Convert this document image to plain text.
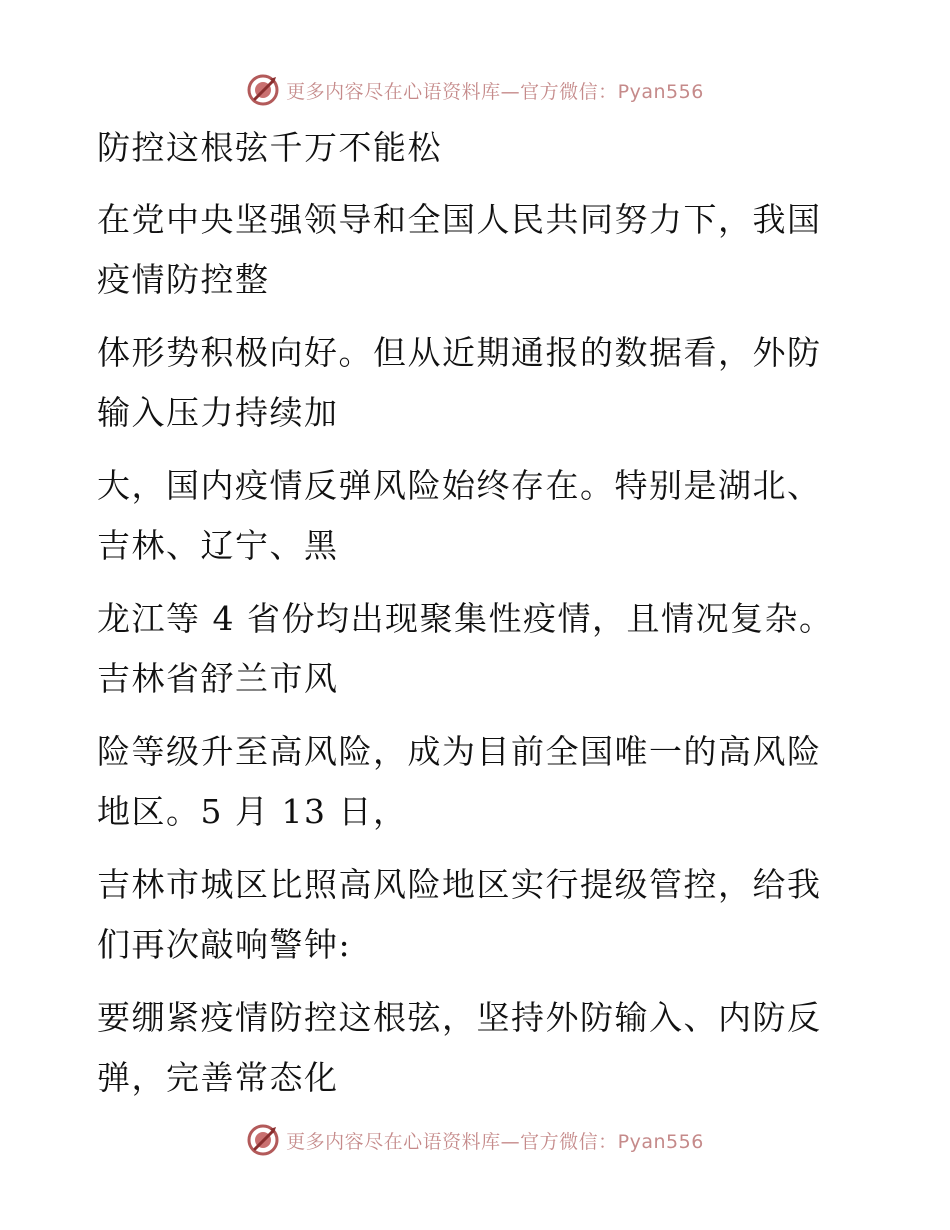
更多内容尽在心语资料库—官方微信：Pyan556
防控这根弦千万不能松
在党中央坚强领导和全国人民共同努力下，我国
疫情防控整
体形势积极向好。但从近期通报的数据看，外防
输入压力持续加
大，国内疫情反弹风险始终存在。特别是湖北、
吉林、辽宁、黑
龙江等 4 省份均出现聚集性疫情，且情况复杂。
吉林省舒兰市风
险等级升至高风险，成为目前全国唯一的高风险
地区。5 月 13 日，
吉林市城区比照高风险地区实行提级管控，给我
们再次敲响警钟:
要绷紧疫情防控这根弦，坚持外防输入、内防反
弹，完善常态化
更多内容尽在心语资料库—官方微信：Pyan556
